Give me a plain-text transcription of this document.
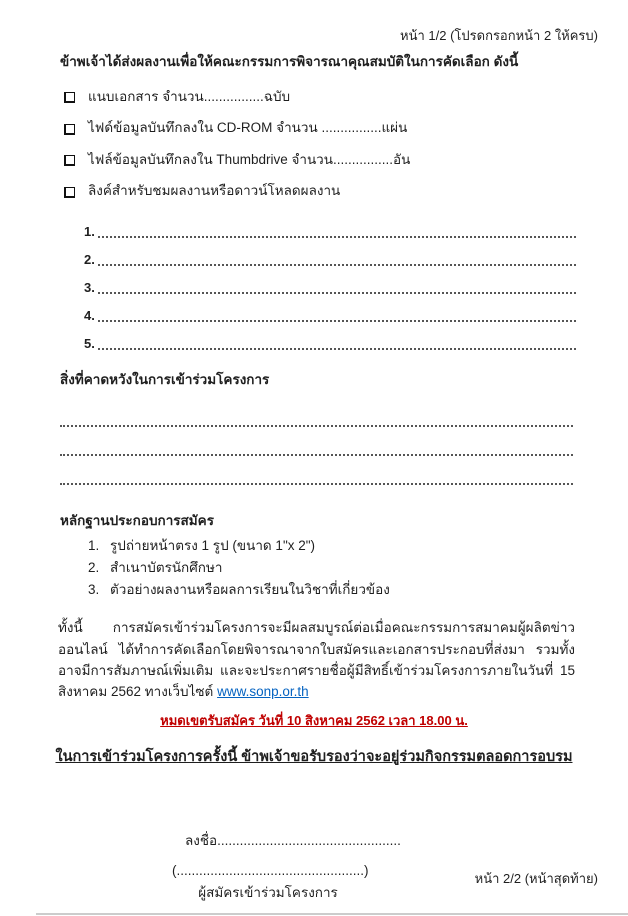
หน้า 1/2 (โปรดกรอกหน้า 2 ให้ครบ)
ข้าพเจ้าได้ส่งผลงานเพื่อให้คณะกรรมการพิจารณาคุณสมบัติในการคัดเลือก ดังนี้
แนบเอกสาร จำนวน................ฉบับ
ไฟด์ข้อมูลบันทึกลงใน CD-ROM จำนวน ................แผ่น
ไฟล์ข้อมูลบันทึกลงใน Thumbdrive จำนวน................อัน
ลิงค์สำหรับชมผลงานหรือดาวน์โหลดผลงาน
1.
2.
3.
4.
5.
สิ่งที่คาดหวังในการเข้าร่วมโครงการ
หลักฐานประกอบการสมัคร
1. รูปถ่ายหน้าตรง 1 รูป (ขนาด 1"x 2")
2. สำเนาบัตรนักศึกษา
3. ตัวอย่างผลงานหรือผลการเรียนในวิชาที่เกี่ยวข้อง
ทั้งนี้ การสมัครเข้าร่วมโครงการจะมีผลสมบูรณ์ต่อเมื่อคณะกรรมการสมาคมผู้ผลิตข่าวออนไลน์ ได้ทำการคัดเลือกโดยพิจารณาจากใบสมัครและเอกสารประกอบที่ส่งมา รวมทั้งอาจมีการสัมภาษณ์เพิ่มเติม และจะประกาศรายชื่อผู้มีสิทธิ์เข้าร่วมโครงการภายในวันที่ 15 สิงหาคม 2562 ทางเว็บไซต์ www.sonp.or.th
หมดเขตรับสมัคร วันที่ 10 สิงหาคม 2562 เวลา 18.00 น.
ในการเข้าร่วมโครงการครั้งนี้ ข้าพเจ้าขอรับรองว่าจะอยู่ร่วมกิจกรรมตลอดการอบรม
ลงชื่อ.................................................
(..................................................)
ผู้สมัครเข้าร่วมโครงการ
หน้า 2/2 (หน้าสุดท้าย)
